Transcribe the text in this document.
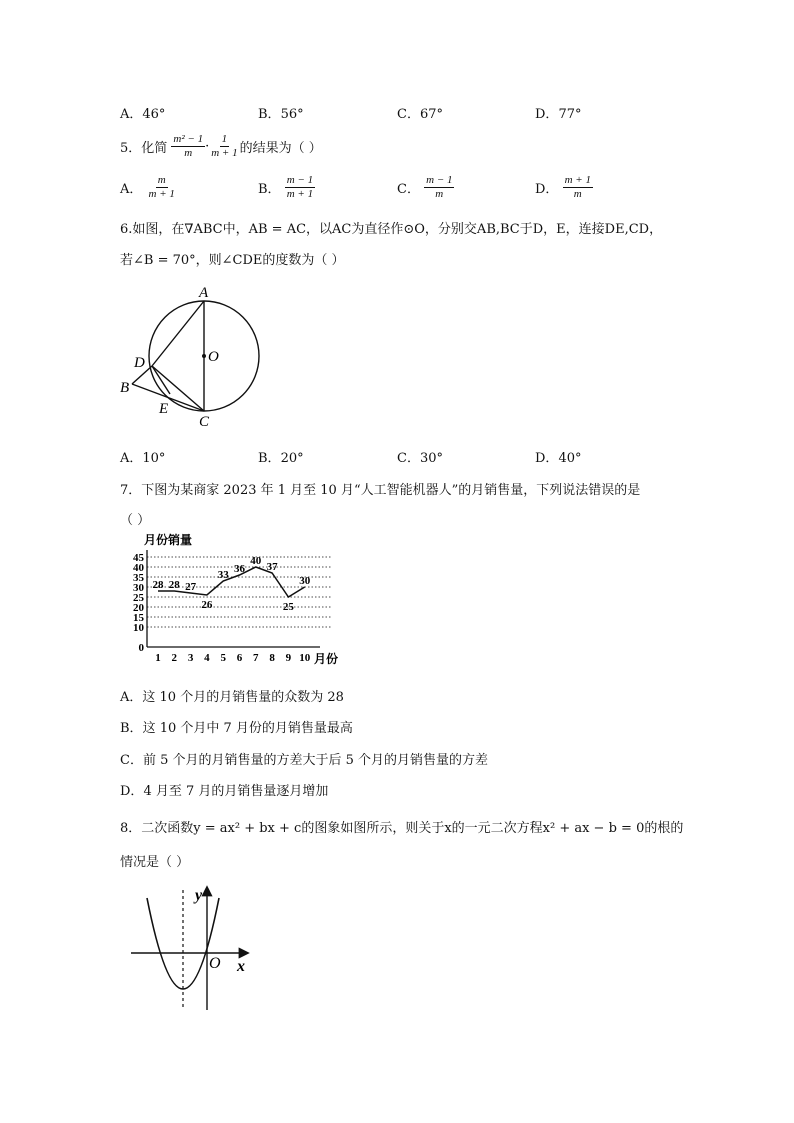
A．46°	B．56°	C．67°	D．77°
5．化简 $\frac{\text{m² − 1}}{m} \cdot \frac{1}{m + 1}$ 的结果为（ ）
A． $\frac{m}{m + 1}$	B． $\frac{m - 1}{m + 1}$	C． $\frac{m - 1}{m}$	D． $\frac{m + 1}{m}$
6.如图，在∇ABC中，AB = AC，以AC为直径作⊙O，分别交AB,BC于D，E，连接DE,CD，
若∠B = 70°，则∠CDE的度数为（ ）
A
O
D
B
E
C
A．10°	B．20°	C．30°	D．40°
7．下图为某商家 2023 年 1 月至 10 月“人工智能机器人”的月销售量，下列说法错误的是
（ ）
月份销量
月份
0
10
15
20
25
30
35
40
45
1 2 3 4 5 6 7 8 9 10
28 28 27
26
33 36
40 37
25
30
A．这 10 个月的月销售量的众数为 28
B．这 10 个月中 7 月份的月销售量最高
C．前 5 个月的月销售量的方差大于后 5 个月的月销售量的方差
D．4 月至 7 月的月销售量逐月增加
8．二次函数y = ax² + bx + c的图象如图所示，则关于x的一元二次方程x² + ax − b = 0的根的
情况是（ ）
y
x
O
